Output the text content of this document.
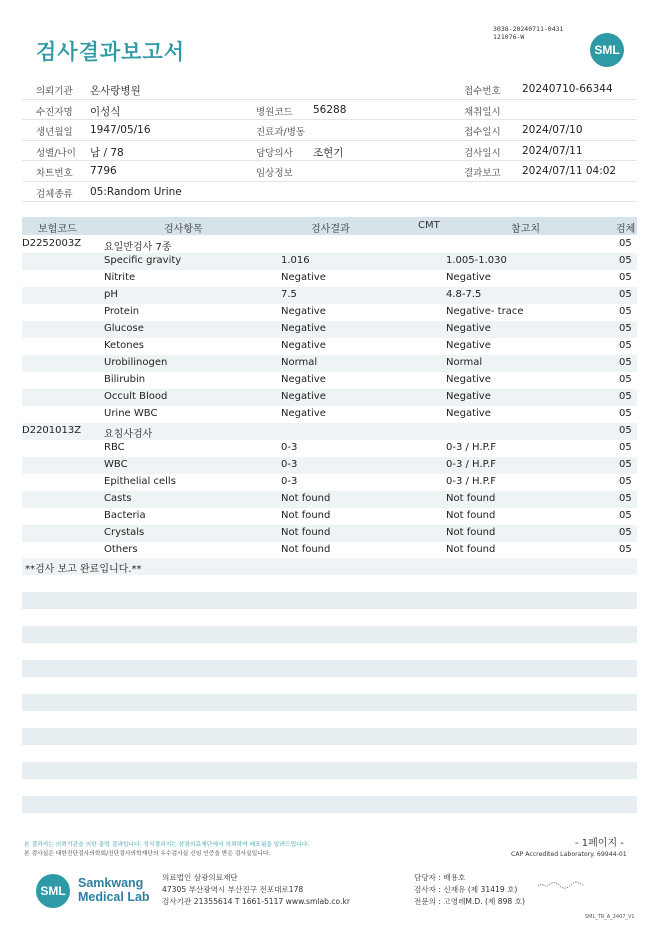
검사결과보고서
3038-20240711-0431
121076-W
SML
의뢰기관 온사랑병원	접수번호 20240710-66344
수진자명 이성식	병원코드 56288	채취일시
생년월일 1947/05/16	진료과/병동	접수일시 2024/07/10
성별/나이 남 / 78	담당의사 조현기	검사일시 2024/07/11
차트번호 7796	임상정보	결과보고 2024/07/11 04:02
검체종류 05:Random Urine
보험코드	검사항목	검사결과	CMT	참고치	검체
D2252003Z 요일반검사 7종	05
Specific gravity	1.016	1.005-1.030	05
Nitrite	Negative	Negative	05
pH	7.5	4.8-7.5	05
Protein	Negative	Negative- trace	05
Glucose	Negative	Negative	05
Ketones	Negative	Negative	05
Urobilinogen	Normal	Normal	05
Bilirubin	Negative	Negative	05
Occult Blood	Negative	Negative	05
Urine WBC	Negative	Negative	05
D2201013Z 요침사검사	05
RBC	0-3	0-3 / H.P.F	05
WBC	0-3	0-3 / H.P.F	05
Epithelial cells	0-3	0-3 / H.P.F	05
Casts	Not found	Not found	05
Bacteria	Not found	Not found	05
Crystals	Not found	Not found	05
Others	Not found	Not found	05
**검사 보고 완료입니다.**
- 1페이지 -
본 결과지는 의뢰기관을 의한 출력 결과입니다. 정식결과지는 삼광의료재단에서 의뢰하여 배포됨을 알려드립니다.
본 검사실은 대한진단검사의학회/진단검사의학재단의 우수검사실 신임 인증을 받은 검사실입니다.	CAP Accredited Laboratory. 69944-01
SML
Samkwang
Medical Lab
의료법인 삼광의료재단
47305 부산광역시 부산진구 전포대로178
검사기관 21355614 T 1661-5117 www.smlab.co.kr
담당자 : 배용호
검사자 : 신재유 (제 31419 호)
전문의 : 고영레M.D. (제 898 호)
SML_TR_A_2407_V1
